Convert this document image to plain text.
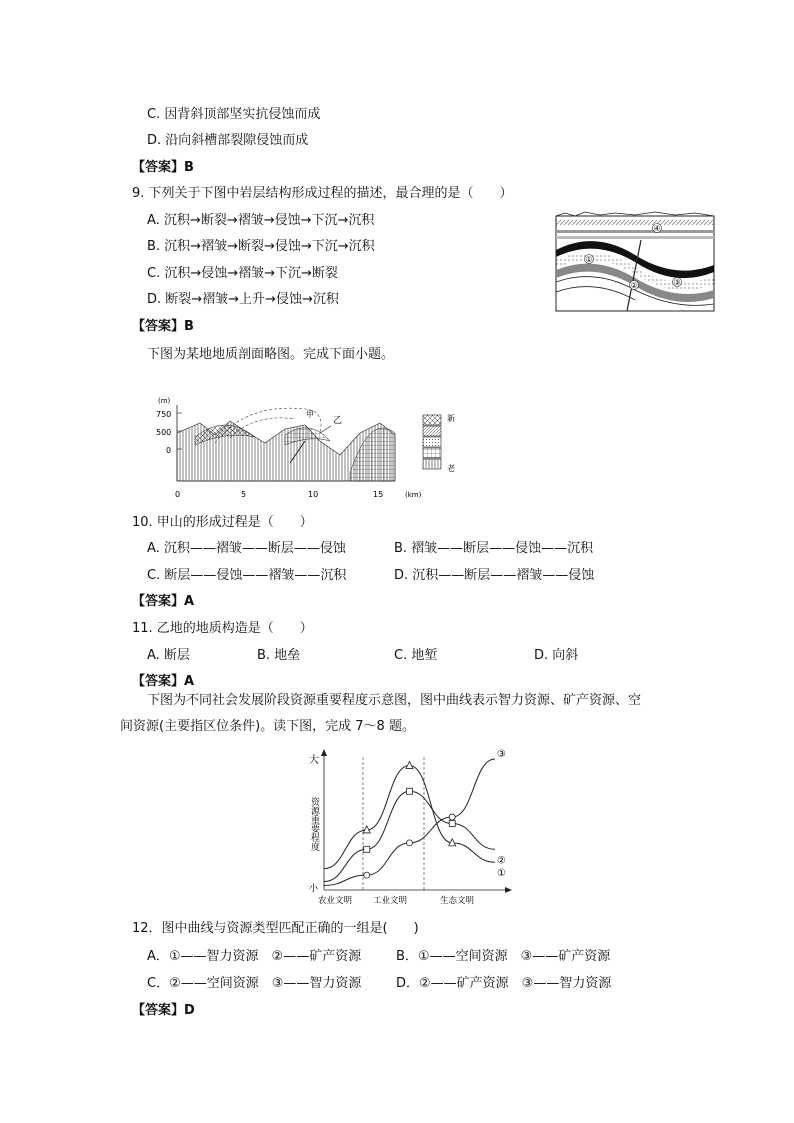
C. 因背斜顶部坚实抗侵蚀而成
D. 沿向斜槽部裂隙侵蚀而成
【答案】B
9. 下列关于下图中岩层结构形成过程的描述，最合理的是（　　）
A. 沉积→断裂→褶皱→侵蚀→下沉→沉积
B. 沉积→褶皱→断裂→侵蚀→下沉→沉积
C. 沉积→侵蚀→褶皱→下沉→断裂
D. 断裂→褶皱→上升→侵蚀→沉积
【答案】B
④
①
②	③
下图为某地地质剖面略图。完成下面小题。
(m)
750
500
0
甲
乙	新
老
0	5	10	15	(km)
10. 甲山的形成过程是（　　）
A. 沉积——褶皱——断层——侵蚀	B. 褶皱——断层——侵蚀——沉积
C. 断层——侵蚀——褶皱——沉积	D. 沉积——断层——褶皱——侵蚀
【答案】A
11. 乙地的地质构造是（　　）
A. 断层	B. 地垒	C. 地堑	D. 向斜
【答案】A
下图为不同社会发展阶段资源重要程度示意图，图中曲线表示智力资源、矿产资源、空
间资源(主要指区位条件)。读下图，完成 7～8 题。
大
小
资源重要程度
农业文明 工业文明	生态文明
①
②
③
12．图中曲线与资源类型匹配正确的一组是(　　)
A．①——智力资源　②——矿产资源	B．①——空间资源　③——矿产资源
C．②——空间资源　③——智力资源	D．②——矿产资源　③——智力资源
【答案】D
